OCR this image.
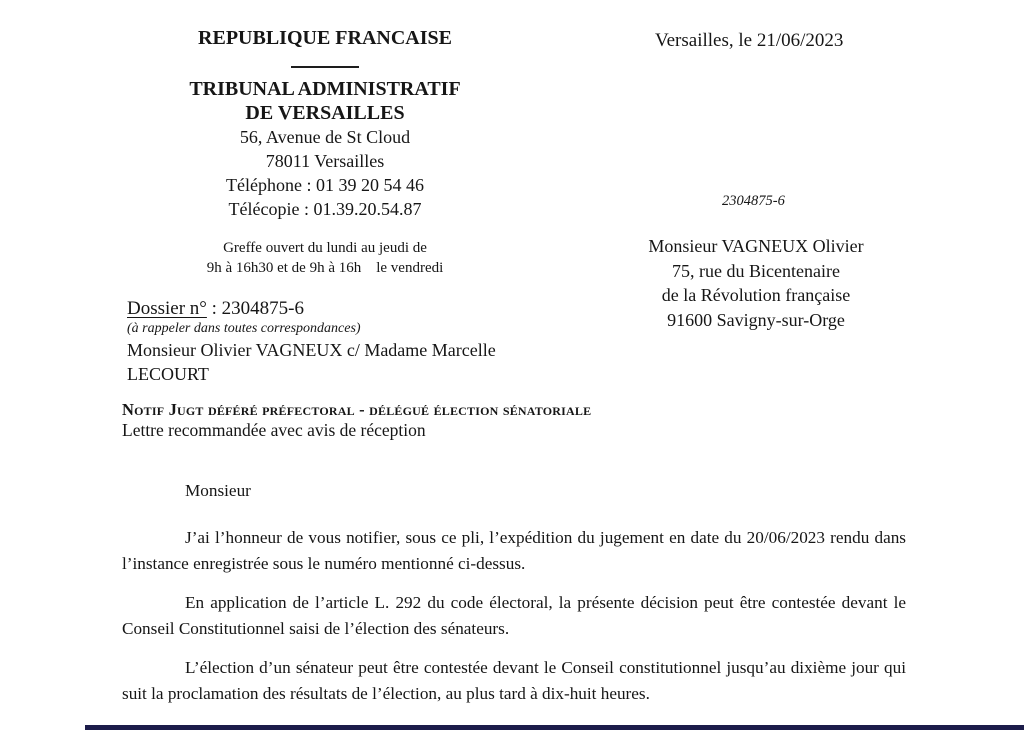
REPUBLIQUE FRANCAISE
TRIBUNAL ADMINISTRATIF
DE VERSAILLES
56, Avenue de St Cloud
78011 Versailles
Téléphone : 01 39 20 54 46
Télécopie : 01.39.20.54.87
Greffe ouvert du lundi au jeudi de
9h à 16h30 et de 9h à 16h    le vendredi
Versailles, le 21/06/2023
2304875-6
Monsieur VAGNEUX Olivier
75, rue du Bicentenaire
de la Révolution française
91600 Savigny-sur-Orge
Dossier n° : 2304875-6
(à rappeler dans toutes correspondances)
Monsieur Olivier VAGNEUX c/ Madame Marcelle
LECOURT
Notif Jugt déféré préfectoral - délégué élection sénatoriale
Lettre recommandée avec avis de réception

Monsieur

J’ai l’honneur de vous notifier, sous ce pli, l’expédition du jugement en date du 20/06/2023 rendu dans l’instance enregistrée sous le numéro mentionné ci-dessus.

En application de l’article L. 292 du code électoral, la présente décision peut être contestée devant le Conseil Constitutionnel saisi de l’élection des sénateurs.

L’élection d’un sénateur peut être contestée devant le Conseil constitutionnel jusqu’au dixième jour qui suit la proclamation des résultats de l’élection, au plus tard à dix-huit heures.
